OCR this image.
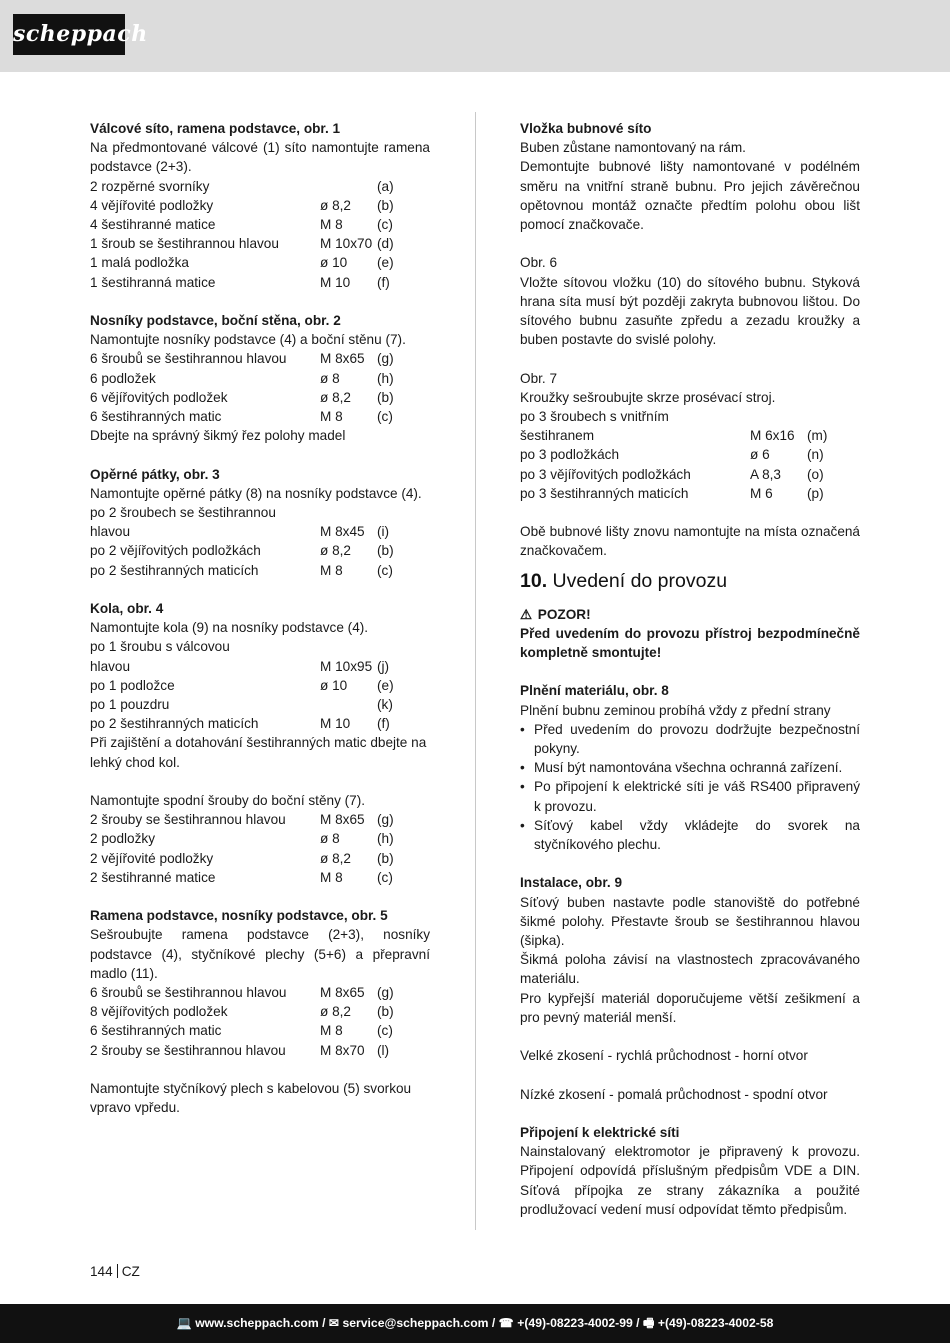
scheppach

Válcové síto, ramena podstavce, obr. 1

Na předmontované válcové (1) síto namontujte ramena podstavce (2+3).

2 rozpěrné svorníky	(a)
4 vějířovité podložky	ø 8,2	(b)
4 šestihranné matice	M 8	(c)
1 šroub se šestihrannou hlavou	M 10x70 (d)
1 malá podložka	ø 10	(e)
1 šestihranná matice	M 10	(f)

Nosníky podstavce, boční stěna, obr. 2

Namontujte nosníky podstavce (4) a boční stěnu (7).

6 šroubů se šestihrannou hlavou	M 8x65 (g)
6 podložek	ø 8	(h)
6 vějířovitých podložek	ø 8,2	(b)
6 šestihranných matic	M 8	(c)

Dbejte na správný šikmý řez polohy madel

Opěrné pátky, obr. 3

Namontujte opěrné pátky (8) na nosníky podstavce (4).

po 2 šroubech se šestihrannou

hlavou	M 8x45 (i)
po 2 vějířovitých podložkách	ø 8,2	(b)
po 2 šestihranných maticích	M 8	(c)

Kola, obr. 4

Namontujte kola (9) na nosníky podstavce (4).

po 1 šroubu s válcovou

hlavou	M 10x95 (j)
po 1 podložce	ø 10	(e)
po 1 pouzdru	(k)
po 2 šestihranných maticích	M 10	(f)

Při zajištění a dotahování šestihranných matic dbejte na lehký chod kol.

Namontujte spodní šrouby do boční stěny (7).

2 šrouby se šestihrannou hlavou	M 8x65 (g)
2 podložky	ø 8	(h)
2 vějířovité podložky	ø 8,2	(b)
2 šestihranné matice	M 8	(c)

Ramena podstavce, nosníky podstavce, obr. 5

Sešroubujte ramena podstavce (2+3), nosníky podstavce (4), styčníkové plechy (5+6) a přepravní madlo (11).

6 šroubů se šestihrannou hlavou	M 8x65 (g)
8 vějířovitých podložek	ø 8,2	(b)
6 šestihranných matic	M 8	(c)
2 šrouby se šestihrannou hlavou	M 8x70 (l)

Namontujte styčníkový plech s kabelovou (5) svorkou vpravo vpředu.

Vložka bubnové síto

Buben zůstane namontovaný na rám.

Demontujte bubnové lišty namontované v podélném směru na vnitřní straně bubnu. Pro jejich závěrečnou opětovnou montáž označte předtím polohu obou lišt pomocí značkovače.

Obr. 6

Vložte sítovou vložku (10) do sítového bubnu. Styková hrana síta musí být později zakryta bubnovou lištou. Do sítového bubnu zasuňte zpředu a zezadu kroužky a buben postavte do svislé polohy.

Obr. 7

Kroužky sešroubujte skrze prosévací stroj.

po 3 šroubech s vnitřním

šestihranem	M 6x16 (m)
po 3 podložkách	ø 6	(n)
po 3 vějířovitých podložkách	A 8,3	(o)
po 3 šestihranných maticích	M 6	(p)

Obě bubnové lišty znovu namontujte na místa označená značkovačem.

10. Uvedení do provozu

⚠ POZOR!

Před uvedením do provozu přístroj bezpodmínečně kompletně smontujte!

Plnění materiálu, obr. 8

Plnění bubnu zeminou probíhá vždy z přední strany

• Před uvedením do provozu dodržujte bezpečnostní pokyny.
• Musí být namontována všechna ochranná zařízení.
• Po připojení k elektrické síti je váš RS400 připravený k provozu.
• Síťový kabel vždy vkládejte do svorek na styčníkového plechu.

Instalace, obr. 9

Síťový buben nastavte podle stanoviště do potřebné šikmé polohy. Přestavte šroub se šestihrannou hlavou (šipka).

Šikmá poloha závisí na vlastnostech zpracovávaného materiálu.

Pro kypřejší materiál doporučujeme větší zešikmení a pro pevný materiál menší.

Velké zkosení - rychlá průchodnost - horní otvor

Nízké zkosení - pomalá průchodnost - spodní otvor

Připojení k elektrické síti

Nainstalovaný elektromotor je připravený k provozu. Připojení odpovídá příslušným předpisům VDE a DIN. Síťová přípojka ze strany zákazníka a použité prodlužovací vedení musí odpovídat těmto předpisům.

144 CZ
💻 www.scheppach.com / ✉ service@scheppach.com / ☎ +(49)-08223-4002-99 / 🖷 +(49)-08223-4002-58
